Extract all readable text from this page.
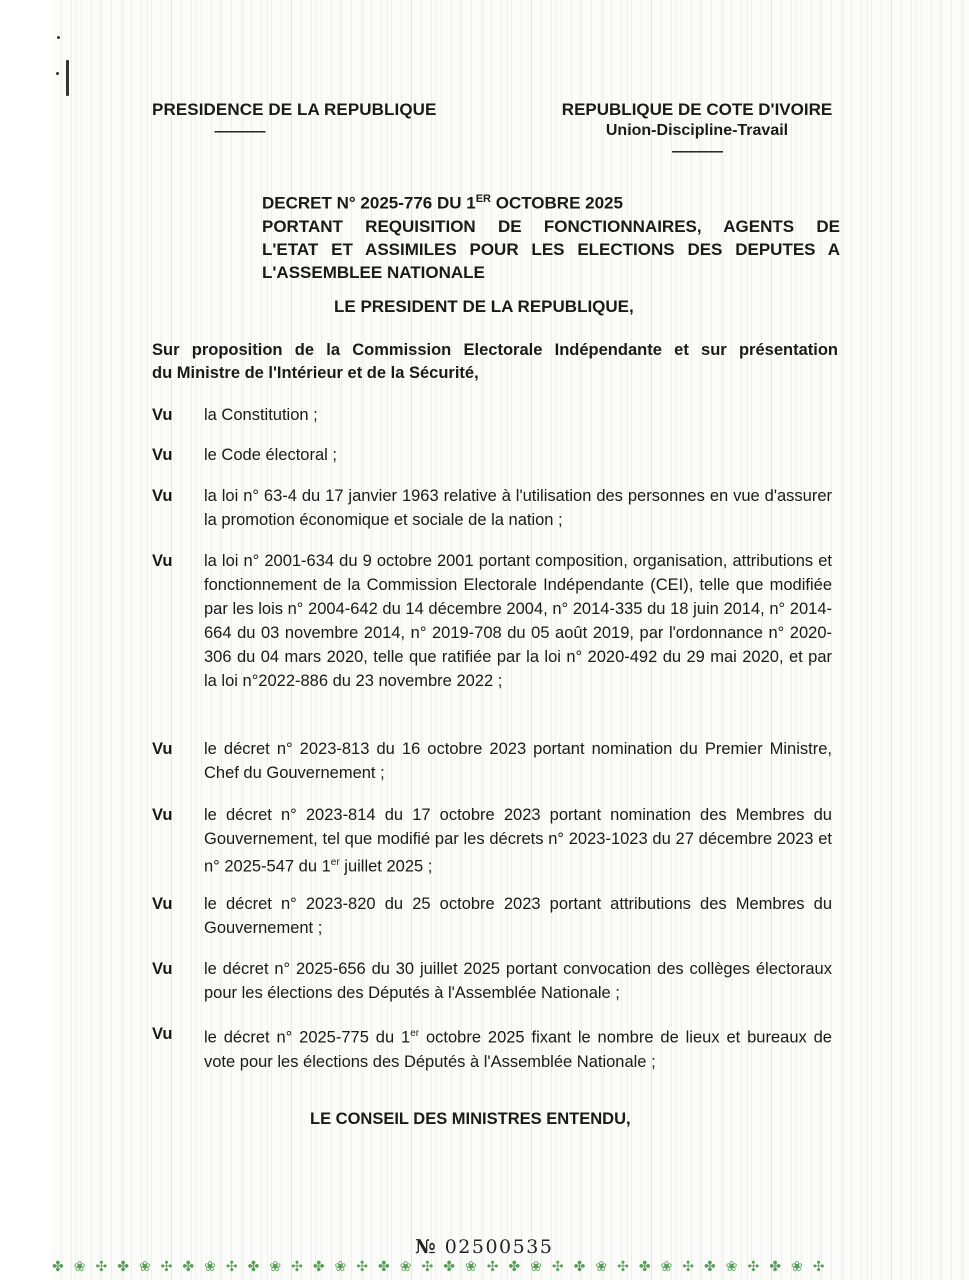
PRESIDENCE DE LA REPUBLIQUE
-----------------
REPUBLIQUE DE COTE D'IVOIRE
Union-Discipline-Travail
-----------------
DECRET N° 2025-776 DU 1ER OCTOBRE 2025
PORTANT REQUISITION DE FONCTIONNAIRES, AGENTS DE
L'ETAT ET ASSIMILES POUR LES ELECTIONS DES DEPUTES A
L'ASSEMBLEE NATIONALE
LE PRESIDENT DE LA REPUBLIQUE,
Sur proposition de la Commission Electorale Indépendante et sur présentation
du Ministre de l'Intérieur et de la Sécurité,
Vu	la Constitution ;
Vu	le Code électoral ;
Vu	la loi n° 63-4 du 17 janvier 1963 relative à l'utilisation des personnes en vue d'assurer la promotion économique et sociale de la nation ;
Vu	la loi n° 2001-634 du 9 octobre 2001 portant composition, organisation, attributions et fonctionnement de la Commission Electorale Indépendante (CEI), telle que modifiée par les lois n° 2004-642 du 14 décembre 2004, n° 2014-335 du 18 juin 2014, n° 2014-664 du 03 novembre 2014, n° 2019-708 du 05 août 2019, par l'ordonnance n° 2020-306 du 04 mars 2020, telle que ratifiée par la loi n° 2020-492 du 29 mai 2020, et par la loi n°2022-886 du 23 novembre 2022 ;
Vu	le décret n° 2023-813 du 16 octobre 2023 portant nomination du Premier Ministre, Chef du Gouvernement ;
Vu	le décret n° 2023-814 du 17 octobre 2023 portant nomination des Membres du Gouvernement, tel que modifié par les décrets n° 2023-1023 du 27 décembre 2023 et n° 2025-547 du 1er juillet 2025 ;
Vu	le décret n° 2023-820 du 25 octobre 2023 portant attributions des Membres du Gouvernement ;
Vu	le décret n° 2025-656 du 30 juillet 2025 portant convocation des collèges électoraux pour les élections des Députés à l'Assemblée Nationale ;
Vu	le décret n° 2025-775 du 1er octobre 2025 fixant le nombre de lieux et bureaux de vote pour les élections des Députés à l'Assemblée Nationale ;
LE CONSEIL DES MINISTRES ENTENDU,
№ 02500535
✤ ❀ ✣ ✤ ❀ ✣ ✤ ❀ ✣ ✤ ❀ ✣ ✤ ❀ ✣ ✤ ❀ ✣ ✤ ❀ ✣ ✤ ❀ ✣ ✤ ❀ ✣ ✤ ❀ ✣ ✤ ❀ ✣ ✤ ❀ ✣
